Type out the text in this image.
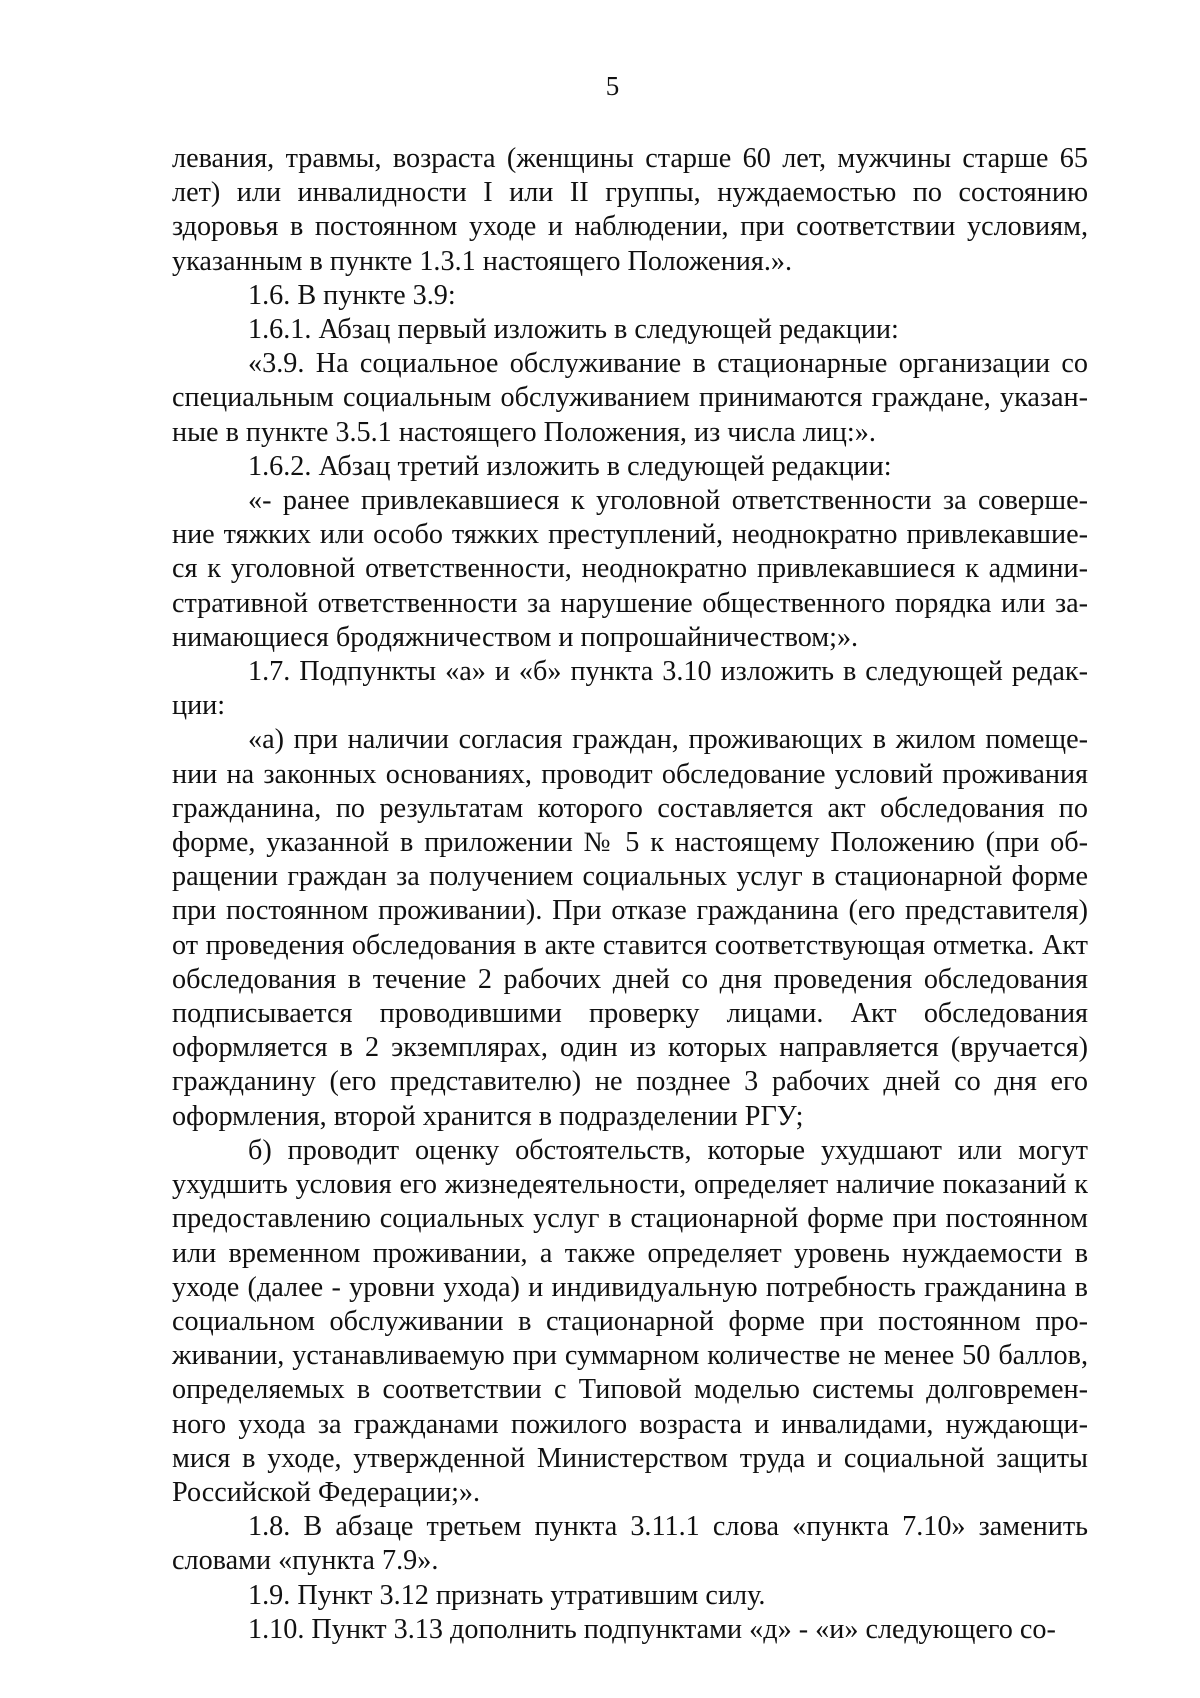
5

левания, травмы, возраста (женщины старше 60 лет, мужчины старше 65 лет) или инвалидности I или II группы, нуждаемостью по состоянию здоровья в постоянном уходе и наблюдении, при соответствии условиям, указанным в пункте 1.3.1 настоящего Положения.».

1.6. В пункте 3.9:

1.6.1. Абзац первый изложить в следующей редакции:

«3.9. На социальное обслуживание в стационарные организации со специальным социальным обслуживанием принимаются граждане, указанные в пункте 3.5.1 настоящего Положения, из числа лиц:».

1.6.2. Абзац третий изложить в следующей редакции:

«- ранее привлекавшиеся к уголовной ответственности за совершение тяжких или особо тяжких преступлений, неоднократно привлекавшиеся к уголовной ответственности, неоднократно привлекавшиеся к административной ответственности за нарушение общественного порядка или занимающиеся бродяжничеством и попрошайничеством;».

1.7. Подпункты «а» и «б» пункта 3.10 изложить в следующей редакции:

«а) при наличии согласия граждан, проживающих в жилом помещении на законных основаниях, проводит обследование условий проживания гражданина, по результатам которого составляется акт обследования по форме, указанной в приложении № 5 к настоящему Положению (при обращении граждан за получением социальных услуг в стационарной форме при постоянном проживании). При отказе гражданина (его представителя) от проведения обследования в акте ставится соответствующая отметка. Акт обследования в течение 2 рабочих дней со дня проведения обследования подписывается проводившими проверку лицами. Акт обследования оформляется в 2 экземплярах, один из которых направляется (вручается) гражданину (его представителю) не позднее 3 рабочих дней со дня его оформления, второй хранится в подразделении РГУ;

б) проводит оценку обстоятельств, которые ухудшают или могут ухудшить условия его жизнедеятельности, определяет наличие показаний к предоставлению социальных услуг в стационарной форме при постоянном или временном проживании, а также определяет уровень нуждаемости в уходе (далее - уровни ухода) и индивидуальную потребность гражданина в социальном обслуживании в стационарной форме при постоянном проживании, устанавливаемую при суммарном количестве не менее 50 баллов, определяемых в соответствии с Типовой моделью системы долговременного ухода за гражданами пожилого возраста и инвалидами, нуждающимися в уходе, утвержденной Министерством труда и социальной защиты Российской Федерации;».

1.8. В абзаце третьем пункта 3.11.1 слова «пункта 7.10» заменить словами «пункта 7.9».

1.9. Пункт 3.12 признать утратившим силу.

1.10. Пункт 3.13 дополнить подпунктами «д» - «и» следующего со-
